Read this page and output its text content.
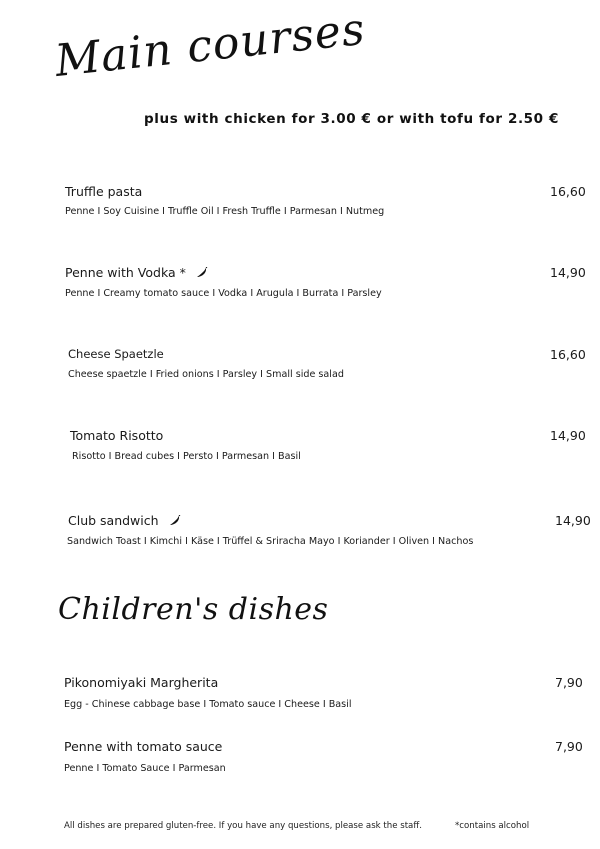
Main courses
plus with chicken for 3.00 € or with tofu for 2.50 €
Truffle pasta
Penne I Soy Cuisine I Truffle Oil I Fresh Truffle I Parmesan I Nutmeg
16,60
Penne with Vodka *
Penne I Creamy tomato sauce I Vodka I Arugula I Burrata I Parsley
14,90
Cheese Spaetzle
Cheese spaetzle I Fried onions I Parsley I Small side salad
16,60
Tomato Risotto
Risotto I Bread cubes I Persto I Parmesan I Basil
14,90
Club sandwich
Sandwich Toast I Kimchi I Käse I Trüffel & Sriracha Mayo I Koriander I Oliven I Nachos
14,90
Children's dishes
Pikonomiyaki Margherita
Egg - Chinese cabbage base I Tomato sauce I Cheese I Basil
7,90
Penne with tomato sauce
Penne I Tomato Sauce I Parmesan
7,90
All dishes are prepared gluten-free. If you have any questions, please ask the staff.	*contains alcohol
